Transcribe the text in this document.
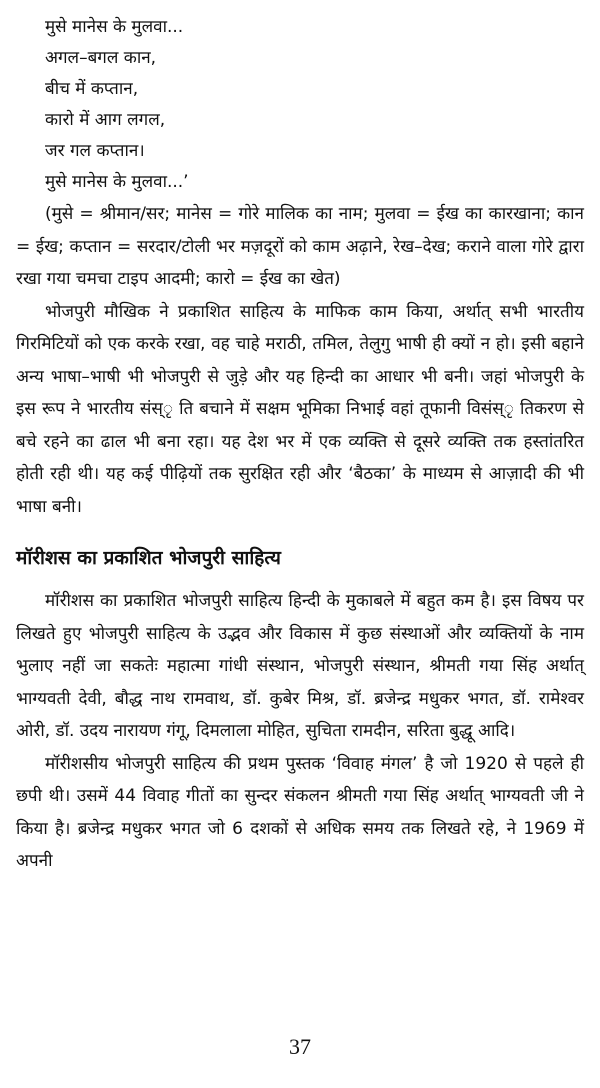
मुसे मानेस के मुलवा...
अगल–बगल कान,
बीच में कप्तान,
कारो में आग लगल,
जर गल कप्तान।
मुसे मानेस के मुलवा...’

(मुसे = श्रीमान/सर; मानेस = गोरे मालिक का नाम; मुलवा = ईख का कारखाना; कान = ईख; कप्तान = सरदार/टोली भर मज़दूरों को काम अढ़ाने, रेख–देख; कराने वाला गोरे द्वारा रखा गया चमचा टाइप आदमी; कारो = ईख का खेत)

भोजपुरी मौखिक ने प्रकाशित साहित्य के माफिक काम किया, अर्थात् सभी भारतीय गिरमिटियों को एक करके रखा, वह चाहे मराठी, तमिल, तेलुगु भाषी ही क्यों न हो। इसी बहाने अन्य भाषा–भाषी भी भोजपुरी से जुड़े और यह हिन्दी का आधार भी बनी। जहां भोजपुरी के इस रूप ने भारतीय संस्ृ ति बचाने में सक्षम भूमिका निभाई वहां तूफानी विसंस्ृ तिकरण से बचे रहने का ढाल भी बना रहा। यह देश भर में एक व्यक्ति से दूसरे व्यक्ति तक हस्तांतरित होती रही थी। यह कई पीढ़ियों तक सुरक्षित रही और ‘बैठका’ के माध्यम से आज़ादी की भी भाषा बनी।

मॉरीशस का प्रकाशित भोजपुरी साहित्य

मॉरीशस का प्रकाशित भोजपुरी साहित्य हिन्दी के मुकाबले में बहुत कम है। इस विषय पर लिखते हुए भोजपुरी साहित्य के उद्भव और विकास में कुछ संस्थाओं और व्यक्तियों के नाम भुलाए नहीं जा सकतेः महात्मा गांधी संस्थान, भोजपुरी संस्थान, श्रीमती गया सिंह अर्थात् भाग्यवती देवी, बौद्ध नाथ रामवाथ, डॉ. कुबेर मिश्र, डॉ. ब्रजेन्द्र मधुकर भगत, डॉ. रामेश्वर ओरी, डॉ. उदय नारायण गंगू, दिमलाला मोहित, सुचिता रामदीन, सरिता बुद्धू आदि।

मॉरीशसीय भोजपुरी साहित्य की प्रथम पुस्तक ‘विवाह मंगल’ है जो 1920 से पहले ही छपी थी। उसमें 44 विवाह गीतों का सुन्दर संकलन श्रीमती गया सिंह अर्थात् भाग्यवती जी ने किया है। ब्रजेन्द्र मधुकर भगत जो 6 दशकों से अधिक समय तक लिखते रहे, ने 1969 में अपनी

37
